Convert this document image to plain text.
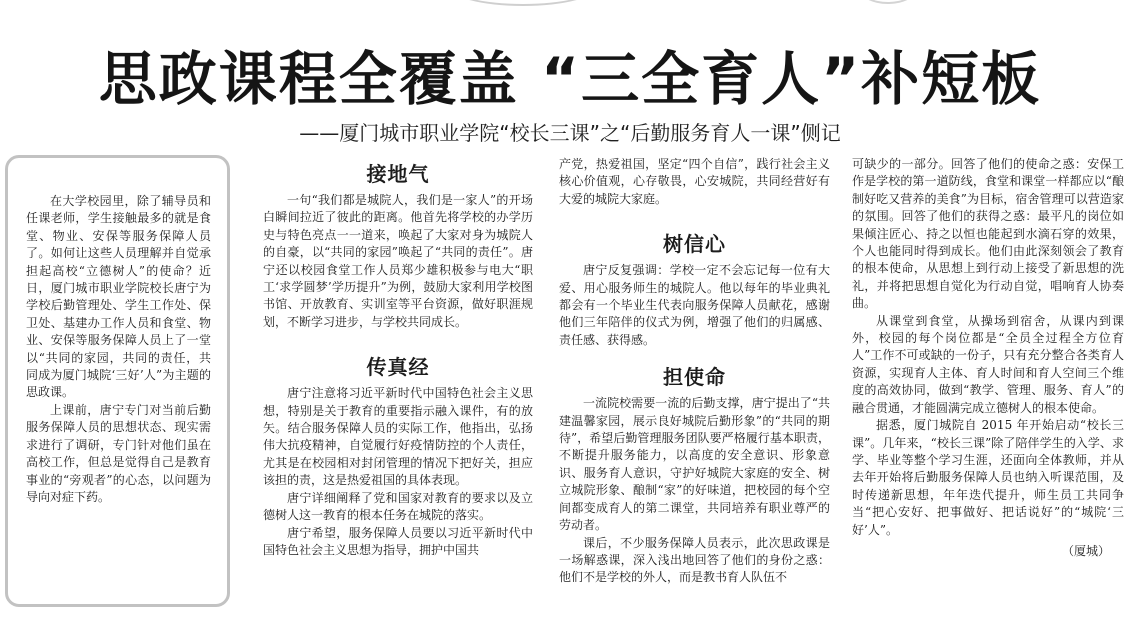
思政课程全覆盖 “三全育人”补短板
——厦门城市职业学院“校长三课”之“后勤服务育人一课”侧记

在大学校园里，除了辅导员和任课老师，学生接触最多的就是食堂、物业、安保等服务保障人员了。如何让这些人员理解并自觉承担起高校“立德树人”的使命？近日，厦门城市职业学院校长唐宁为学校后勤管理处、学生工作处、保卫处、基建办工作人员和食堂、物业、安保等服务保障人员上了一堂以“共同的家园，共同的责任，共同成为厦门城院‘三好’人”为主题的思政课。

上课前，唐宁专门对当前后勤服务保障人员的思想状态、现实需求进行了调研，专门针对他们虽在高校工作，但总是觉得自己是教育事业的“旁观者”的心态，以问题为导向对症下药。

接地气

一句“我们都是城院人，我们是一家人”的开场白瞬间拉近了彼此的距离。他首先将学校的办学历史与特色亮点一一道来，唤起了大家对身为城院人的自豪，以“共同的家园”唤起了“共同的责任”。唐宁还以校园食堂工作人员郑少雄积极参与电大“职工‘求学圆梦’学历提升”为例，鼓励大家利用学校图书馆、开放教育、实训室等平台资源，做好职涯规划，不断学习进步，与学校共同成长。

传真经

唐宁注意将习近平新时代中国特色社会主义思想，特别是关于教育的重要指示融入课件，有的放矢。结合服务保障人员的实际工作，他指出，弘扬伟大抗疫精神，自觉履行好疫情防控的个人责任，尤其是在校园相对封闭管理的情况下把好关，担应该担的责，这是热爱祖国的具体表现。

唐宁详细阐释了党和国家对教育的要求以及立德树人这一教育的根本任务在城院的落实。

唐宁希望，服务保障人员要以习近平新时代中国特色社会主义思想为指导，拥护中国共

产党，热爱祖国，坚定“四个自信”，践行社会主义核心价值观，心存敬畏，心安城院，共同经营好有大爱的城院大家庭。

树信心

唐宁反复强调：学校一定不会忘记每一位有大爱、用心服务师生的城院人。他以每年的毕业典礼都会有一个毕业生代表向服务保障人员献花，感谢他们三年陪伴的仪式为例，增强了他们的归属感、责任感、获得感。

担使命

一流院校需要一流的后勤支撑，唐宁提出了“共建温馨家园，展示良好城院后勤形象”的“共同的期待”，希望后勤管理服务团队要严格履行基本职责，不断提升服务能力，以高度的安全意识、形象意识、服务育人意识，守护好城院大家庭的安全、树立城院形象、酿制“家”的好味道，把校园的每个空间都变成育人的第二课堂，共同培养有职业尊严的劳动者。

课后，不少服务保障人员表示，此次思政课是一场解惑课，深入浅出地回答了他们的身份之惑：他们不是学校的外人，而是教书育人队伍不

可缺少的一部分。回答了他们的使命之惑：安保工作是学校的第一道防线，食堂和课堂一样都应以“酿制好吃又营养的美食”为目标，宿舍管理可以营造家的氛围。回答了他们的获得之惑：最平凡的岗位如果倾注匠心、持之以恒也能起到水滴石穿的效果，个人也能同时得到成长。他们由此深刻领会了教育的根本使命，从思想上到行动上接受了新思想的洗礼，并将把思想自觉化为行动自觉，唱响育人协奏曲。

从课堂到食堂，从操场到宿舍，从课内到课外，校园的每个岗位都是“全员全过程全方位育人”工作不可或缺的一份子，只有充分整合各类育人资源，实现育人主体、育人时间和育人空间三个维度的高效协同，做到“教学、管理、服务、育人”的融合贯通，才能圆满完成立德树人的根本使命。

据悉，厦门城院自 2015 年开始启动“校长三课”。几年来，“校长三课”除了陪伴学生的入学、求学、毕业等整个学习生涯，还面向全体教师，并从去年开始将后勤服务保障人员也纳入听课范围，及时传递新思想，年年迭代提升，师生员工共同争当“把心安好、把事做好、把话说好”的“城院‘三好’人”。

（厦城）
